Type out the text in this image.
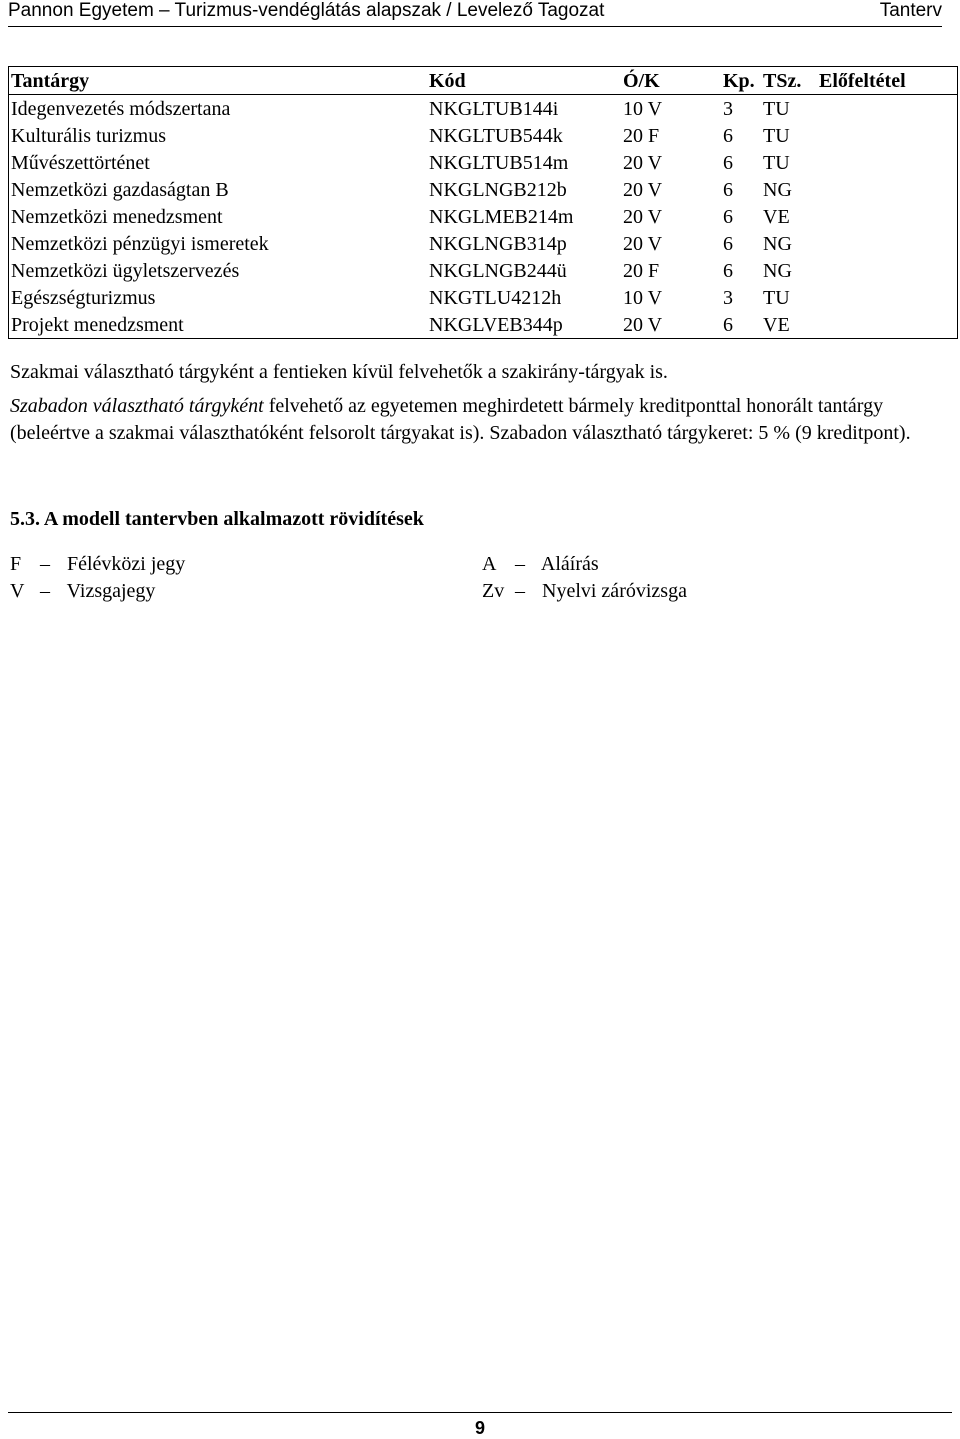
Pannon Egyetem – Turizmus-vendéglátás alapszak / Levelező Tagozat	Tanterv
Tantárgy	Kód	Ó/K	Kp.	TSz.	Előfeltétel
Idegenvezetés módszertana	NKGLTUB144i	10 V	3	TU	
Kulturális turizmus	NKGLTUB544k	20 F	6	TU	
Művészettörténet	NKGLTUB514m	20 V	6	TU	
Nemzetközi gazdaságtan B	NKGLNGB212b	20 V	6	NG	
Nemzetközi menedzsment	NKGLMEB214m	20 V	6	VE	
Nemzetközi pénzügyi ismeretek	NKGLNGB314p	20 V	6	NG	
Nemzetközi ügyletszervezés	NKGLNGB244ü	20 F	6	NG	
Egészségturizmus	NKGTLU4212h	10 V	3	TU	
Projekt menedzsment	NKGLVEB344p	20 V	6	VE	
Szakmai választható tárgyként a fentieken kívül felvehetők a szakirány-tárgyak is.
Szabadon választható tárgyként felvehető az egyetemen meghirdetett bármely kreditponttal honorált tantárgy (beleértve a szakmai választhatóként felsorolt tárgyakat is). Szabadon választható tárgykeret: 5 % (9 kreditpont).
5.3. A modell tantervben alkalmazott rövidítések
F – Félévközi jegy
V – Vizsgajegy
A – Aláírás
Zv – Nyelvi záróvizsga
9
